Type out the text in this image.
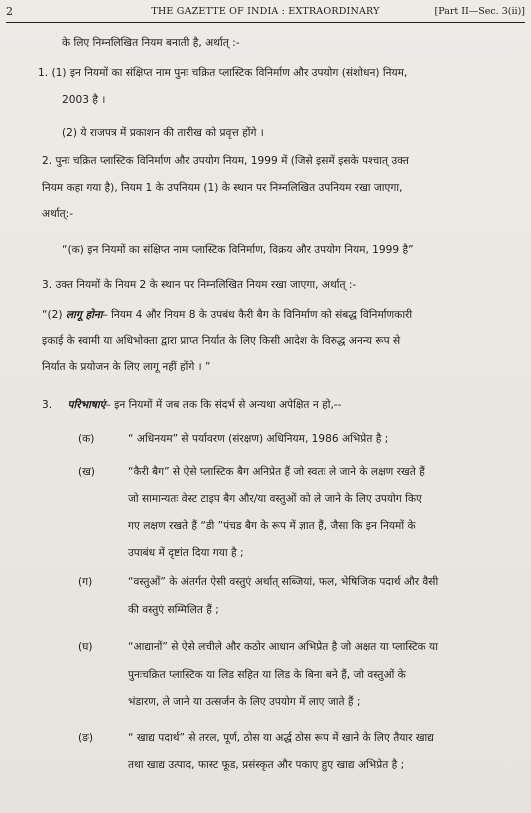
2	THE GAZETTE OF INDIA : EXTRAORDINARY	[Part II—Sec. 3(ii)]
के लिए निम्नलिखित नियम बनाती है, अर्थात् :-
1. (1) इन नियमों का संक्षिप्त नाम पुनः चक्रित प्लास्टिक विनिर्माण और उपयोग (संशोधन) नियम,
2003 है ।
(2) ये राजपत्र में प्रकाशन की तारीख को प्रवृत्त होंगे ।
2. पुनः चक्रित प्लास्टिक विनिर्माण और उपयोग नियम, 1999 में (जिसे इसमें इसके पश्चात् उक्त
नियम कहा गया है), नियम 1 के उपनियम (1) के स्थान पर निम्नलिखित उपनियम रखा जाएगा,
अर्थात्:-
“(क) इन नियमों का संक्षिप्त नाम प्लास्टिक विनिर्माण, विक्रय और उपयोग नियम, 1999 है”
3. उक्त नियमों के नियम 2 के स्थान पर निम्नलिखित नियम रखा जाएगा, अर्थात् :-
“(2) लागू होना– नियम 4 और नियम 8 के उपबंध कैरी बैग के विनिर्माण को संबद्ध विनिर्माणकारी
इकाई के स्वामी या अधिभोक्ता द्वारा प्राप्त निर्यात के लिए किसी आदेश के विरुद्ध अनन्य रूप से
निर्यात के प्रयोजन के लिए लागू नहीं होंगे । ”
3. परिभाषाएं– इन नियमों में जब तक कि संदर्भ से अन्यथा अपेक्षित न हो,--
(क)	“ अधिनयम” से पर्यावरण (संरक्षण) अधिनियम, 1986 अभिप्रेत है ;
(ख)	“कैरी बैग” से ऐसे प्लास्टिक बैग अनिप्रेत हैं जो स्वतः ले जाने के लक्षण रखते हैं
जो सामान्यतः वेस्ट टाइप बैग और/या वस्तुओं को ले जाने के लिए उपयोग किए
गए लक्षण रखते हैं “डी ”पंचड बैग के रूप में ज्ञात हैं, जैसा कि इन नियमों के
उपाबंध में दृष्टांत दिया गया है ;
(ग)	“वस्तुओं” के अंतर्गत ऐसी वस्तुएं अर्थात् सब्जियां, फल, भेषिजिक पदार्थ और वैसी
की वस्तुएं सम्मिलित हैं ;
(घ)	“आद्यानों” से ऐसे लचीले और कठोर आधान अभिप्रेत है जो अक्षत या प्लास्टिक या
पुनःचक्रित प्लास्टिक या लिड सहित या लिड के बिना बने हैं, जो वस्तुओं के
भंडारण, ले जाने या उत्सर्जन के लिए उपयोग में लाए जाते हैं ;
(ङ)	“ खाद्य पदार्थ” से तरल, पूर्ण, ठोस या अर्द्ध ठोस रूप में खाने के लिए तैयार खाद्य
तथा खाद्य उत्पाद, फास्ट फूड, प्रसंस्कृत और पकाए हुए खाद्य अभिप्रेत है ;
